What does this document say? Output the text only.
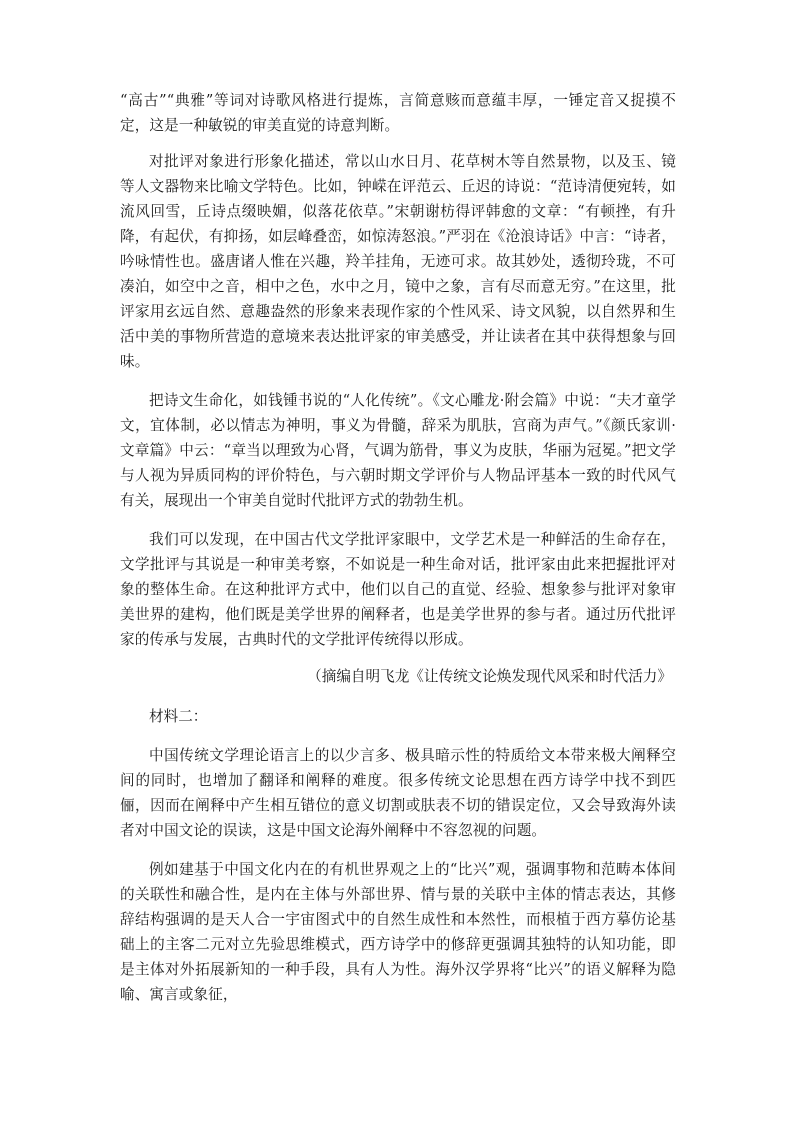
“高古”“典雅”等词对诗歌风格进行提炼，言简意赅而意蕴丰厚，一锤定音又捉摸不定，这是一种敏锐的审美直觉的诗意判断。

对批评对象进行形象化描述，常以山水日月、花草树木等自然景物，以及玉、镜等人文器物来比喻文学特色。比如，钟嵘在评范云、丘迟的诗说：“范诗清便宛转，如流风回雪，丘诗点缀映媚，似落花依草。”宋朝谢枋得评韩愈的文章：“有顿挫，有升降，有起伏，有抑扬，如层峰叠峦，如惊涛怒浪。”严羽在《沧浪诗话》中言：“诗者，吟咏情性也。盛唐诸人惟在兴趣，羚羊挂角，无迹可求。故其妙处，透彻玲珑，不可凑泊，如空中之音，相中之色，水中之月，镜中之象，言有尽而意无穷。”在这里，批评家用玄远自然、意趣盎然的形象来表现作家的个性风采、诗文风貌，以自然界和生活中美的事物所营造的意境来表达批评家的审美感受，并让读者在其中获得想象与回味。

把诗文生命化，如钱锺书说的“人化传统”。《文心雕龙·附会篇》中说：“夫才童学文，宜体制，必以情志为神明，事义为骨髓，辞采为肌肤，宫商为声气。”《颜氏家训·文章篇》中云：“章当以理致为心肾，气调为筋骨，事义为皮肤，华丽为冠冕。”把文学与人视为异质同构的评价特色，与六朝时期文学评价与人物品评基本一致的时代风气有关，展现出一个审美自觉时代批评方式的勃勃生机。

我们可以发现，在中国古代文学批评家眼中，文学艺术是一种鲜活的生命存在，文学批评与其说是一种审美考察，不如说是一种生命对话，批评家由此来把握批评对象的整体生命。在这种批评方式中，他们以自己的直觉、经验、想象参与批评对象审美世界的建构，他们既是美学世界的阐释者，也是美学世界的参与者。通过历代批评家的传承与发展，古典时代的文学批评传统得以形成。

（摘编自明飞龙《让传统文论焕发现代风采和时代活力》

材料二：

中国传统文学理论语言上的以少言多、极具暗示性的特质给文本带来极大阐释空间的同时，也增加了翻译和阐释的难度。很多传统文论思想在西方诗学中找不到匹俪，因而在阐释中产生相互错位的意义切割或肤表不切的错误定位，又会导致海外读者对中国文论的误读，这是中国文论海外阐释中不容忽视的问题。

例如建基于中国文化内在的有机世界观之上的“比兴”观，强调事物和范畴本体间的关联性和融合性，是内在主体与外部世界、情与景的关联中主体的情志表达，其修辞结构强调的是天人合一宇宙图式中的自然生成性和本然性，而根植于西方摹仿论基础上的主客二元对立先验思维模式，西方诗学中的修辞更强调其独特的认知功能，即是主体对外拓展新知的一种手段，具有人为性。海外汉学界将“比兴”的语义解释为隐喻、寓言或象征，
